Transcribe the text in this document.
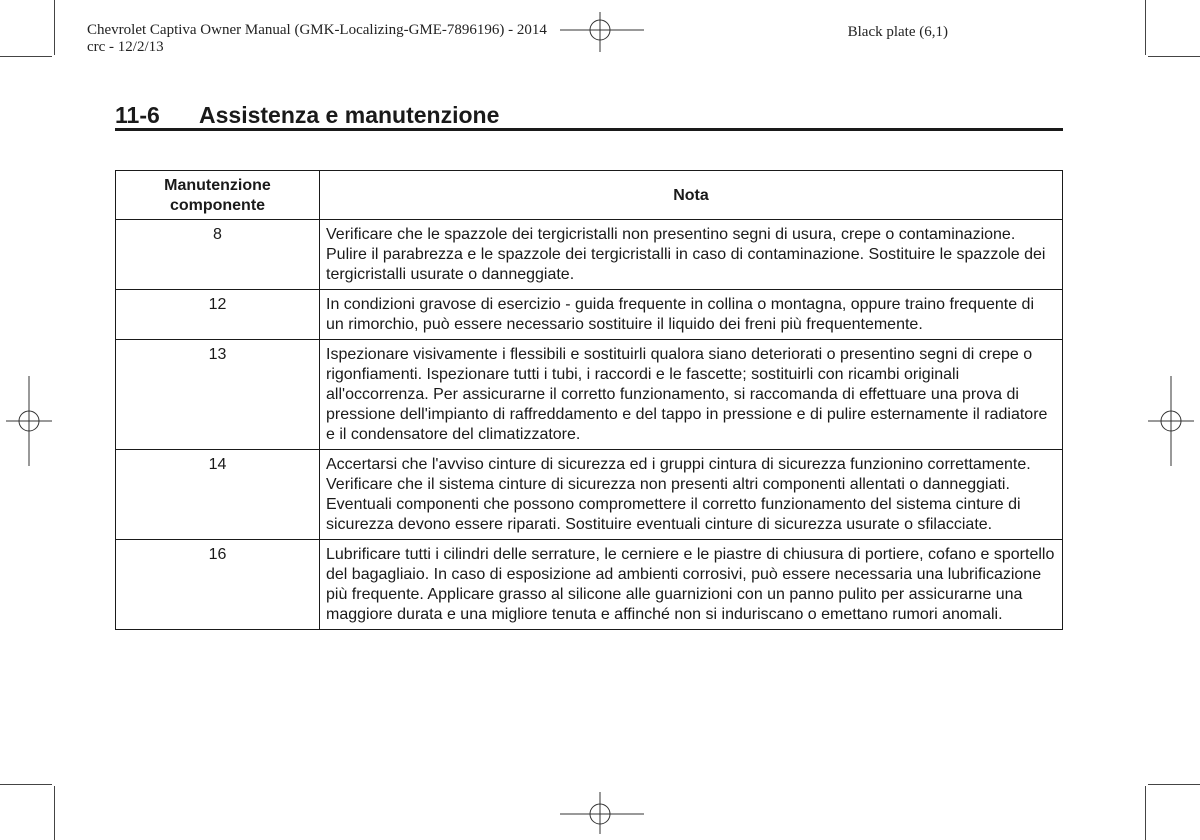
Chevrolet Captiva Owner Manual (GMK-Localizing-GME-7896196) - 2014
crc - 12/2/13
Black plate (6,1)
11-6 Assistenza e manutenzione
Manutenzione componente	Nota
8	Verificare che le spazzole dei tergicristalli non presentino segni di usura, crepe o contaminazione. Pulire il parabrezza e le spazzole dei tergicristalli in caso di contaminazione. Sostituire le spazzole dei tergicristalli usurate o danneggiate.
12	In condizioni gravose di esercizio - guida frequente in collina o montagna, oppure traino frequente di un rimorchio, può essere necessario sostituire il liquido dei freni più frequentemente.
13	Ispezionare visivamente i flessibili e sostituirli qualora siano deteriorati o presentino segni di crepe o rigonfiamenti. Ispezionare tutti i tubi, i raccordi e le fascette; sostituirli con ricambi originali all'occorrenza. Per assicurarne il corretto funzionamento, si raccomanda di effettuare una prova di pressione dell'impianto di raffreddamento e del tappo in pressione e di pulire esternamente il radiatore e il condensatore del climatizzatore.
14	Accertarsi che l'avviso cinture di sicurezza ed i gruppi cintura di sicurezza funzionino correttamente. Verificare che il sistema cinture di sicurezza non presenti altri componenti allentati o danneggiati. Eventuali componenti che possono compromettere il corretto funzionamento del sistema cinture di sicurezza devono essere riparati. Sostituire eventuali cinture di sicurezza usurate o sfilacciate.
16	Lubrificare tutti i cilindri delle serrature, le cerniere e le piastre di chiusura di portiere, cofano e sportello del bagagliaio. In caso di esposizione ad ambienti corrosivi, può essere necessaria una lubrificazione più frequente. Applicare grasso al silicone alle guarnizioni con un panno pulito per assicurarne una maggiore durata e una migliore tenuta e affinché non si induriscano o emettano rumori anomali.
